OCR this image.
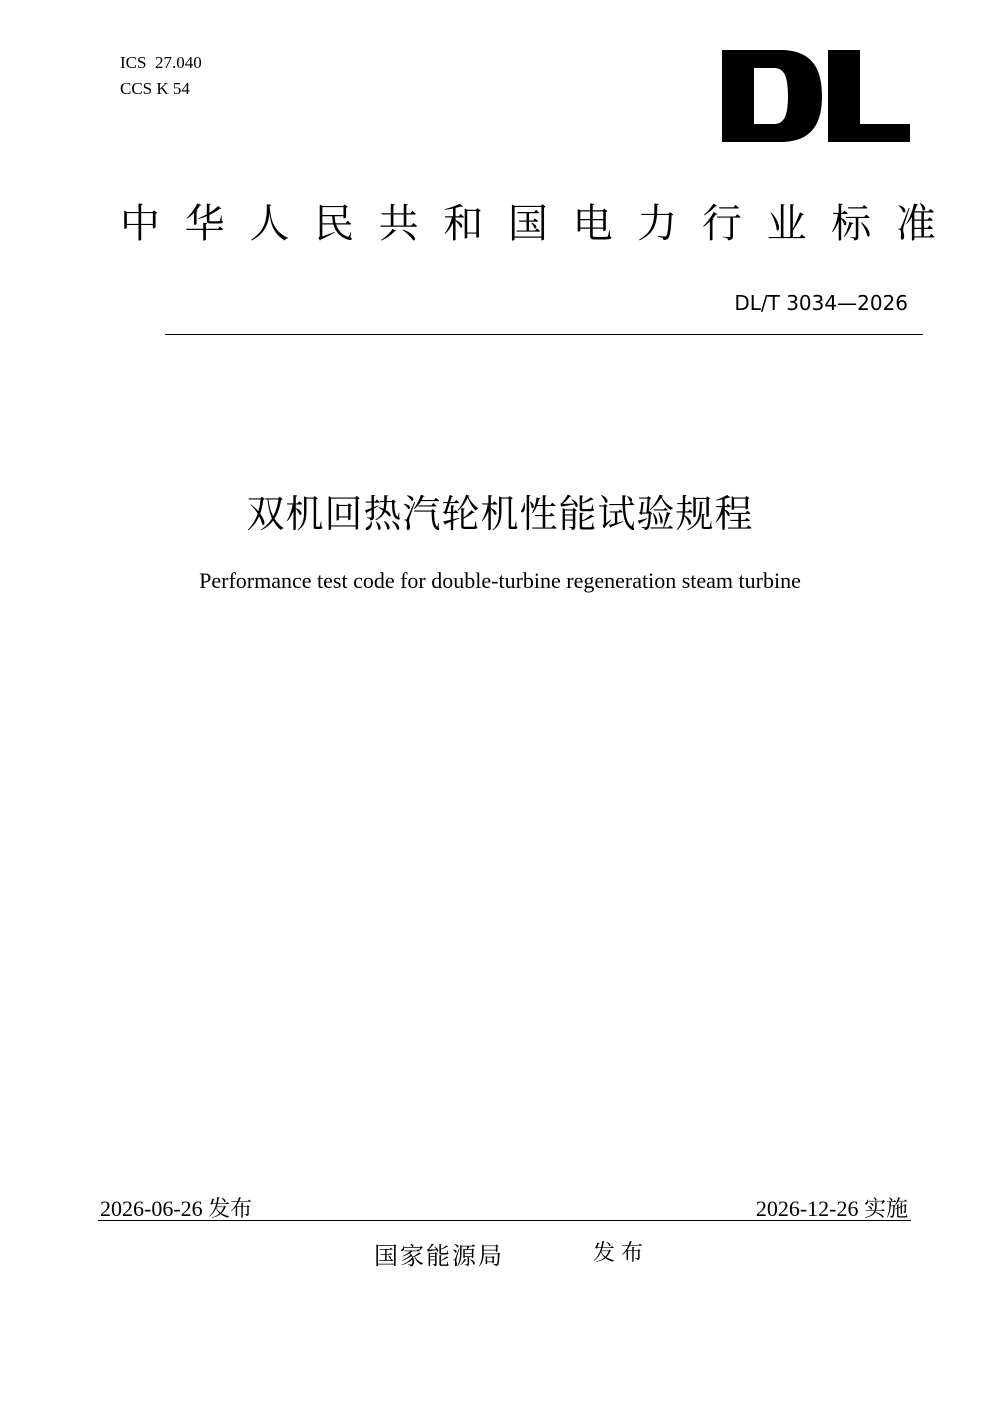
ICS  27.040
CCS K 54
中 华 人 民 共 和 国 电 力 行 业 标 准
DL/T 3034—2026
双机回热汽轮机性能试验规程
Performance test code for double-turbine regeneration steam turbine
2026-06-26 发布	2026-12-26 实施
国家能源局	发布
